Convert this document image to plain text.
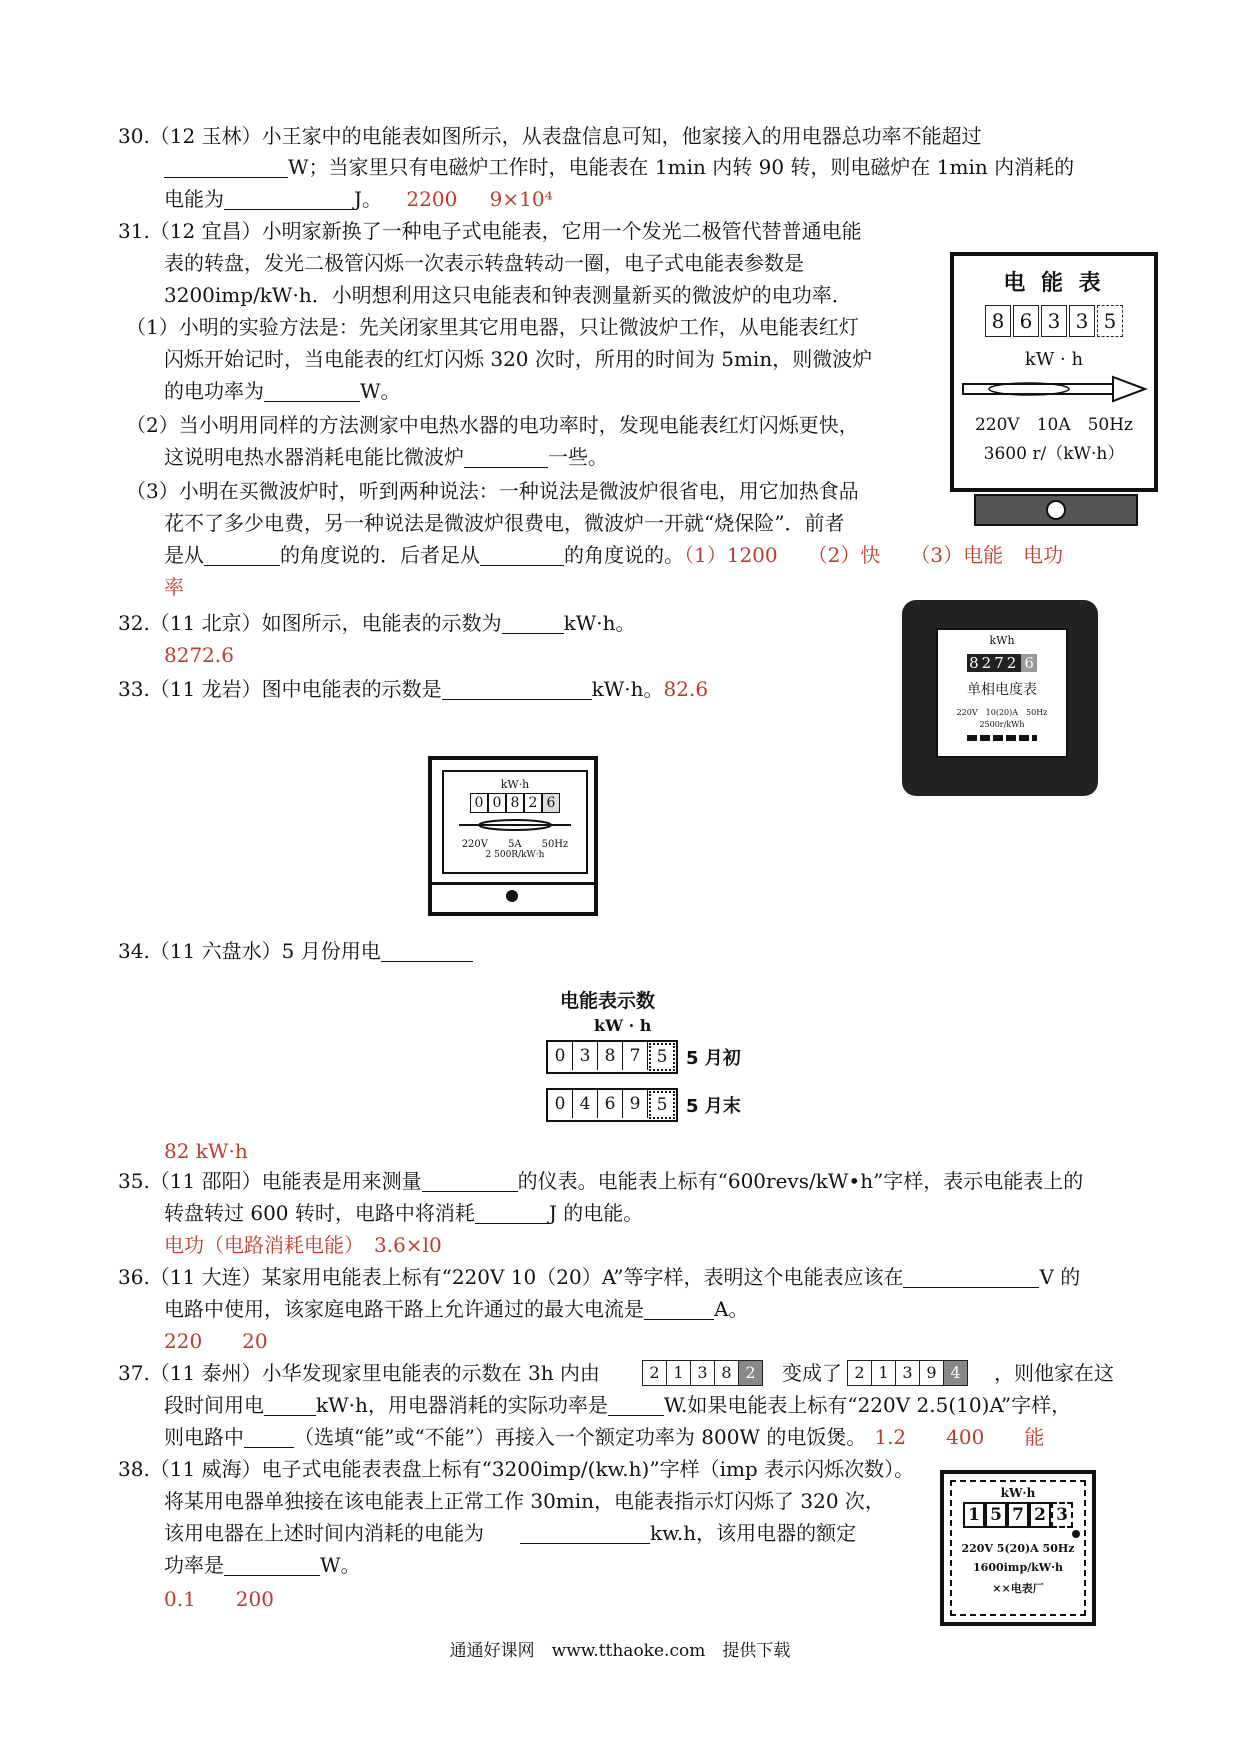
30.（12 玉林）小王家中的电能表如图所示，从表盘信息可知，他家接入的用电器总功率不能超过
W；当家里只有电磁炉工作时，电能表在 1min 内转 90 转，则电磁炉在 1min 内消耗的
电能为	J。 2200 9×10⁴
31.（12 宜昌）小明家新换了一种电子式电能表，它用一个发光二极管代替普通电能
表的转盘，发光二极管闪烁一次表示转盘转动一圈，电子式电能表参数是
3200imp/kW·h．小明想利用这只电能表和钟表测量新买的微波炉的电功率．
（1）小明的实验方法是：先关闭家里其它用电器，只让微波炉工作，从电能表红灯
闪烁开始记时，当电能表的红灯闪烁 320 次时，所用的时间为 5min，则微波炉
的电功率为	W。
（2）当小明用同样的方法测家中电热水器的电功率时，发现电能表红灯闪烁更快，
这说明电热水器消耗电能比微波炉	一些。
（3）小明在买微波炉时，听到两种说法：一种说法是微波炉很省电，用它加热食品
花不了多少电费，另一种说法是微波炉很费电，微波炉一开就“烧保险”．前者
是从	的角度说的．后者足从	的角度说的。（1）1200　　（2）快　　（3）电能　电功
率
电 能 表
8 6 3 3 5
kW · h
220V　10A　50Hz
3600 r/（kW·h）
32.（11 北京）如图所示，电能表的示数为	kW·h。
8272.6
kWh
8272 6
单相电度表
220V　10(20)A　50Hz
2500r/kWh
33.（11 龙岩）图中电能表的示数是	kW·h。82.6
kW·h
0 0 8 2 6
220V　　5A　　50Hz
2 500R/kW·h
34.（11 六盘水）5 月份用电
电能表示数
kW · h
0 3 8 7 5	5 月初
0 4 6 9 5	5 月末
82 kW·h
35.（11 邵阳）电能表是用来测量	的仪表。电能表上标有“600revs/kW•h”字样，表示电能表上的
转盘转过 600 转时，电路中将消耗	J 的电能。
电功（电路消耗电能）　3.6×l0
36.（11 大连）某家用电能表上标有“220V 10（20）A”等字样，表明这个电能表应该在	V 的
电路中使用，该家庭电路干路上允许通过的最大电流是	A。
220　　20
37.（11 泰州）小华发现家里电能表的示数在 3h 内由	2 1 3 8 2	变成了 2 1 3 9 4	，则他家在这
段时间用电	kW·h，用电器消耗的实际功率是	W.如果电能表上标有“220V 2.5(10)A”字样，
则电路中	（选填“能”或“不能”）再接入一个额定功率为 800W 的电饭煲。 1.2　　400　　能
38.（11 威海）电子式电能表表盘上标有“3200imp/(kw.h)”字样（imp 表示闪烁次数）。
将某用电器单独接在该电能表上正常工作 30min，电能表指示灯闪烁了 320 次，
该用电器在上述时间内消耗的电能为	kw.h，该用电器的额定
功率是	W。
0.1　　200
kW·h
1 5 7 2 3
220V 5(20)A 50Hz
1600imp/kW·h
××电表厂
通通好课网　www.tthaoke.com　提供下载
